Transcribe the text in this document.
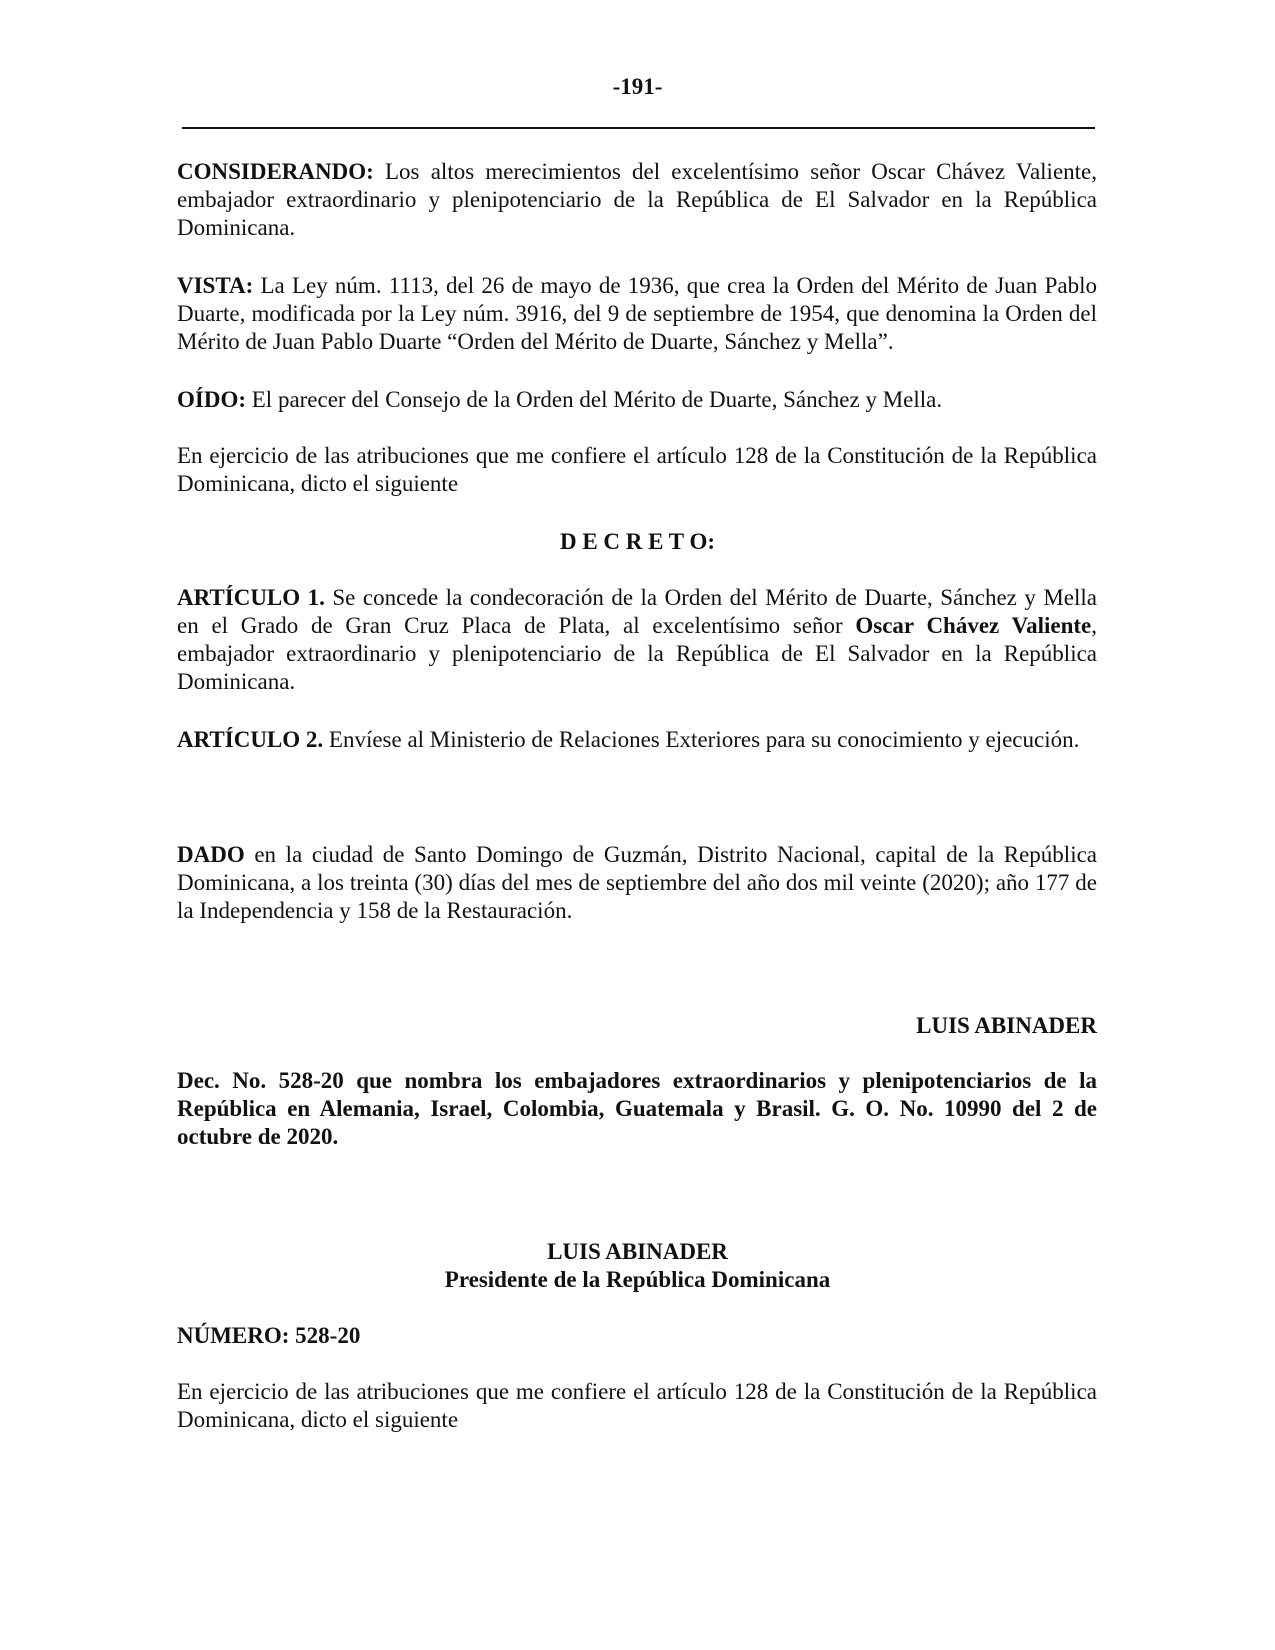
-191-

CONSIDERANDO: Los altos merecimientos del excelentísimo señor Oscar Chávez Valiente, embajador extraordinario y plenipotenciario de la República de El Salvador en la República Dominicana.

VISTA: La Ley núm. 1113, del 26 de mayo de 1936, que crea la Orden del Mérito de Juan Pablo Duarte, modificada por la Ley núm. 3916, del 9 de septiembre de 1954, que denomina la Orden del Mérito de Juan Pablo Duarte “Orden del Mérito de Duarte, Sánchez y Mella”.

OÍDO: El parecer del Consejo de la Orden del Mérito de Duarte, Sánchez y Mella.

En ejercicio de las atribuciones que me confiere el artículo 128 de la Constitución de la República Dominicana, dicto el siguiente

D E C R E T O:

ARTÍCULO 1. Se concede la condecoración de la Orden del Mérito de Duarte, Sánchez y Mella en el Grado de Gran Cruz Placa de Plata, al excelentísimo señor Oscar Chávez Valiente, embajador extraordinario y plenipotenciario de la República de El Salvador en la República Dominicana.

ARTÍCULO 2. Envíese al Ministerio de Relaciones Exteriores para su conocimiento y ejecución.

DADO en la ciudad de Santo Domingo de Guzmán, Distrito Nacional, capital de la República Dominicana, a los treinta (30) días del mes de septiembre del año dos mil veinte (2020); año 177 de la Independencia y 158 de la Restauración.

LUIS ABINADER

Dec. No. 528-20 que nombra los embajadores extraordinarios y plenipotenciarios de la República en Alemania, Israel, Colombia, Guatemala y Brasil. G. O. No. 10990 del 2 de octubre de 2020.

LUIS ABINADER
Presidente de la República Dominicana

NÚMERO: 528-20

En ejercicio de las atribuciones que me confiere el artículo 128 de la Constitución de la República Dominicana, dicto el siguiente
